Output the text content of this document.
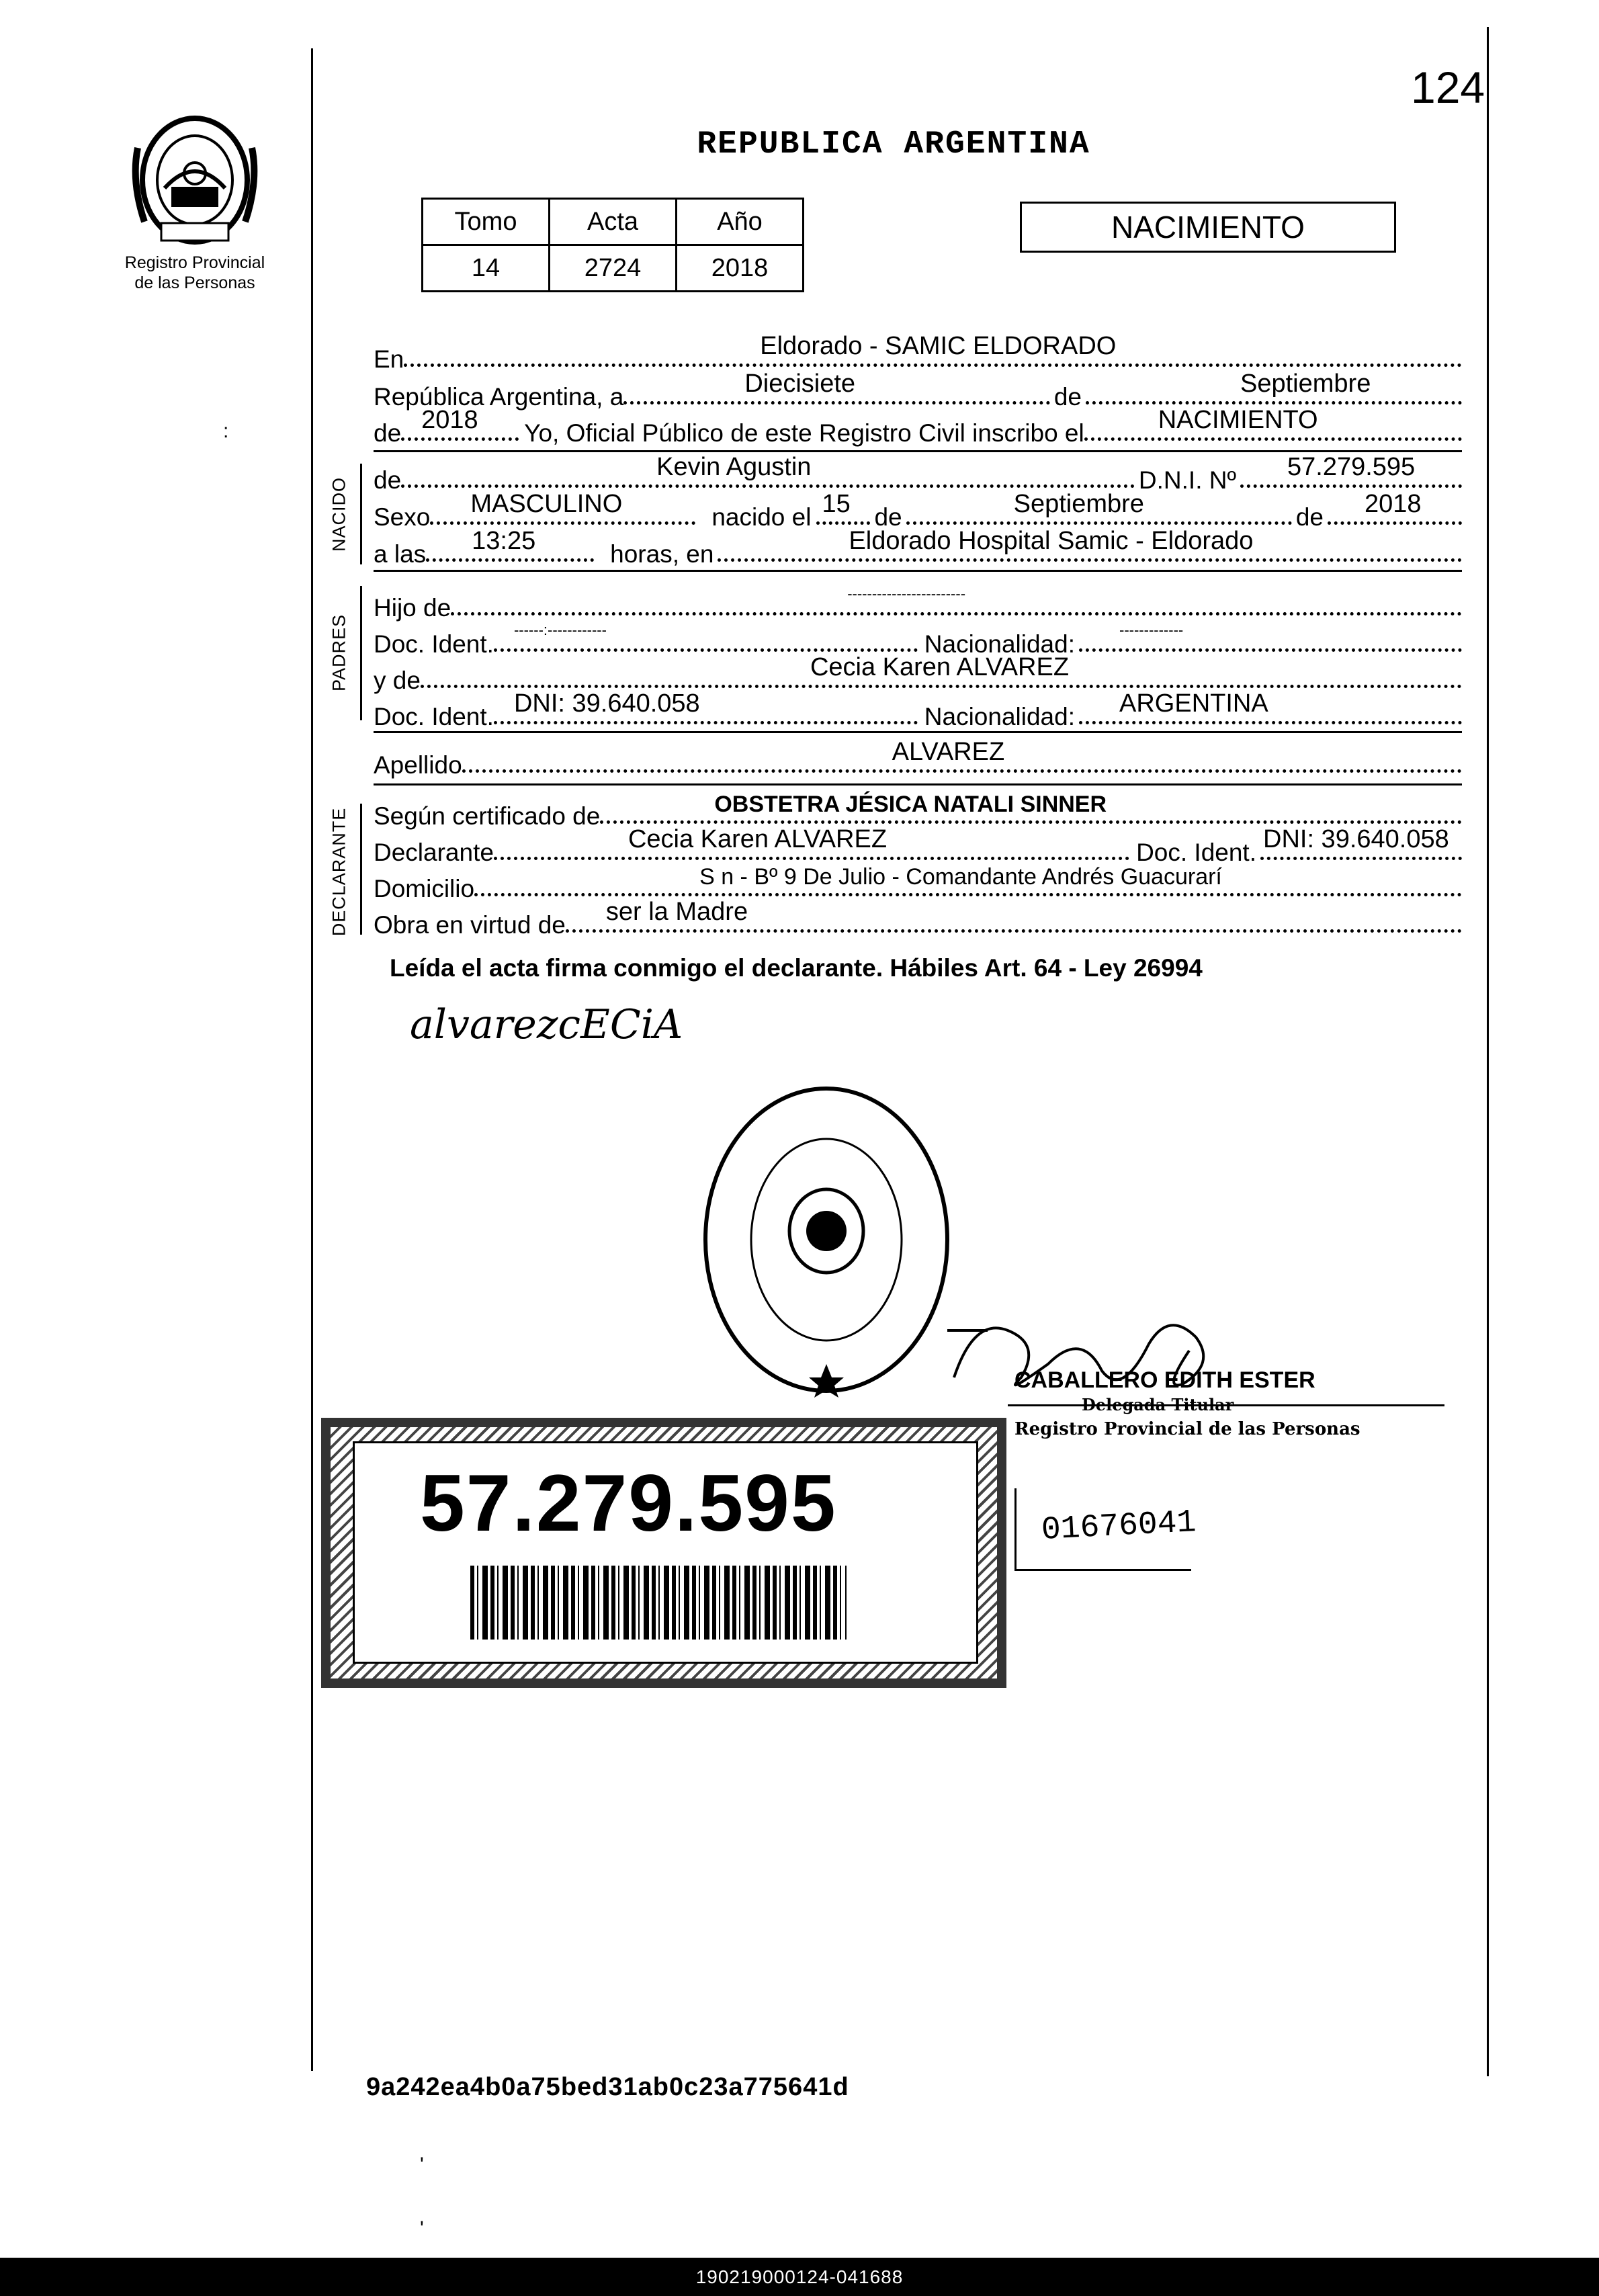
:
124
Registro Provincial
de las Personas
REPUBLICA ARGENTINA
Tomo	Acta	Año
14	2724	2018
NACIMIENTO
En	Eldorado - SAMIC ELDORADO
República Argentina, a	Diecisiete	de	Septiembre
de 2018 Yo, Oficial Público de este Registro Civil inscribo el	NACIMIENTO
NACIDO de	Kevin Agustin	D.N.I. Nº 57.279.595
Sexo MASCULINO	nacido el 15 de	Septiembre	de 2018
a las 13:25	horas, en	Eldorado Hospital Samic - Eldorado
PADRES
Hijo de
------------------------
Doc. Ident.
------:------------
Nacionalidad:
-------------
y de	Cecia Karen ALVAREZ
Doc. Ident. DNI: 39.640.058	Nacionalidad: ARGENTINA
Apellido	ALVAREZ
DECLARANTE Según certificado de	OBSTETRA JÉSICA NATALI SINNER
Declarante	Cecia Karen ALVAREZ	Doc. Ident. DNI: 39.640.058
Domicilio	S n - Bº 9 De Julio - Comandante Andrés Guacurarí
Obra en virtud de ser la Madre
Leída el acta firma conmigo el declarante. Hábiles Art. 64 - Ley 26994
alvarezcECiA
CABALLERO EDITH ESTER
Delegada Titular
Registro Provincial de las Personas
57.279.595	01676041
9a242ea4b0a75bed31ab0c23a775641d
'
'
190219000124-041688
